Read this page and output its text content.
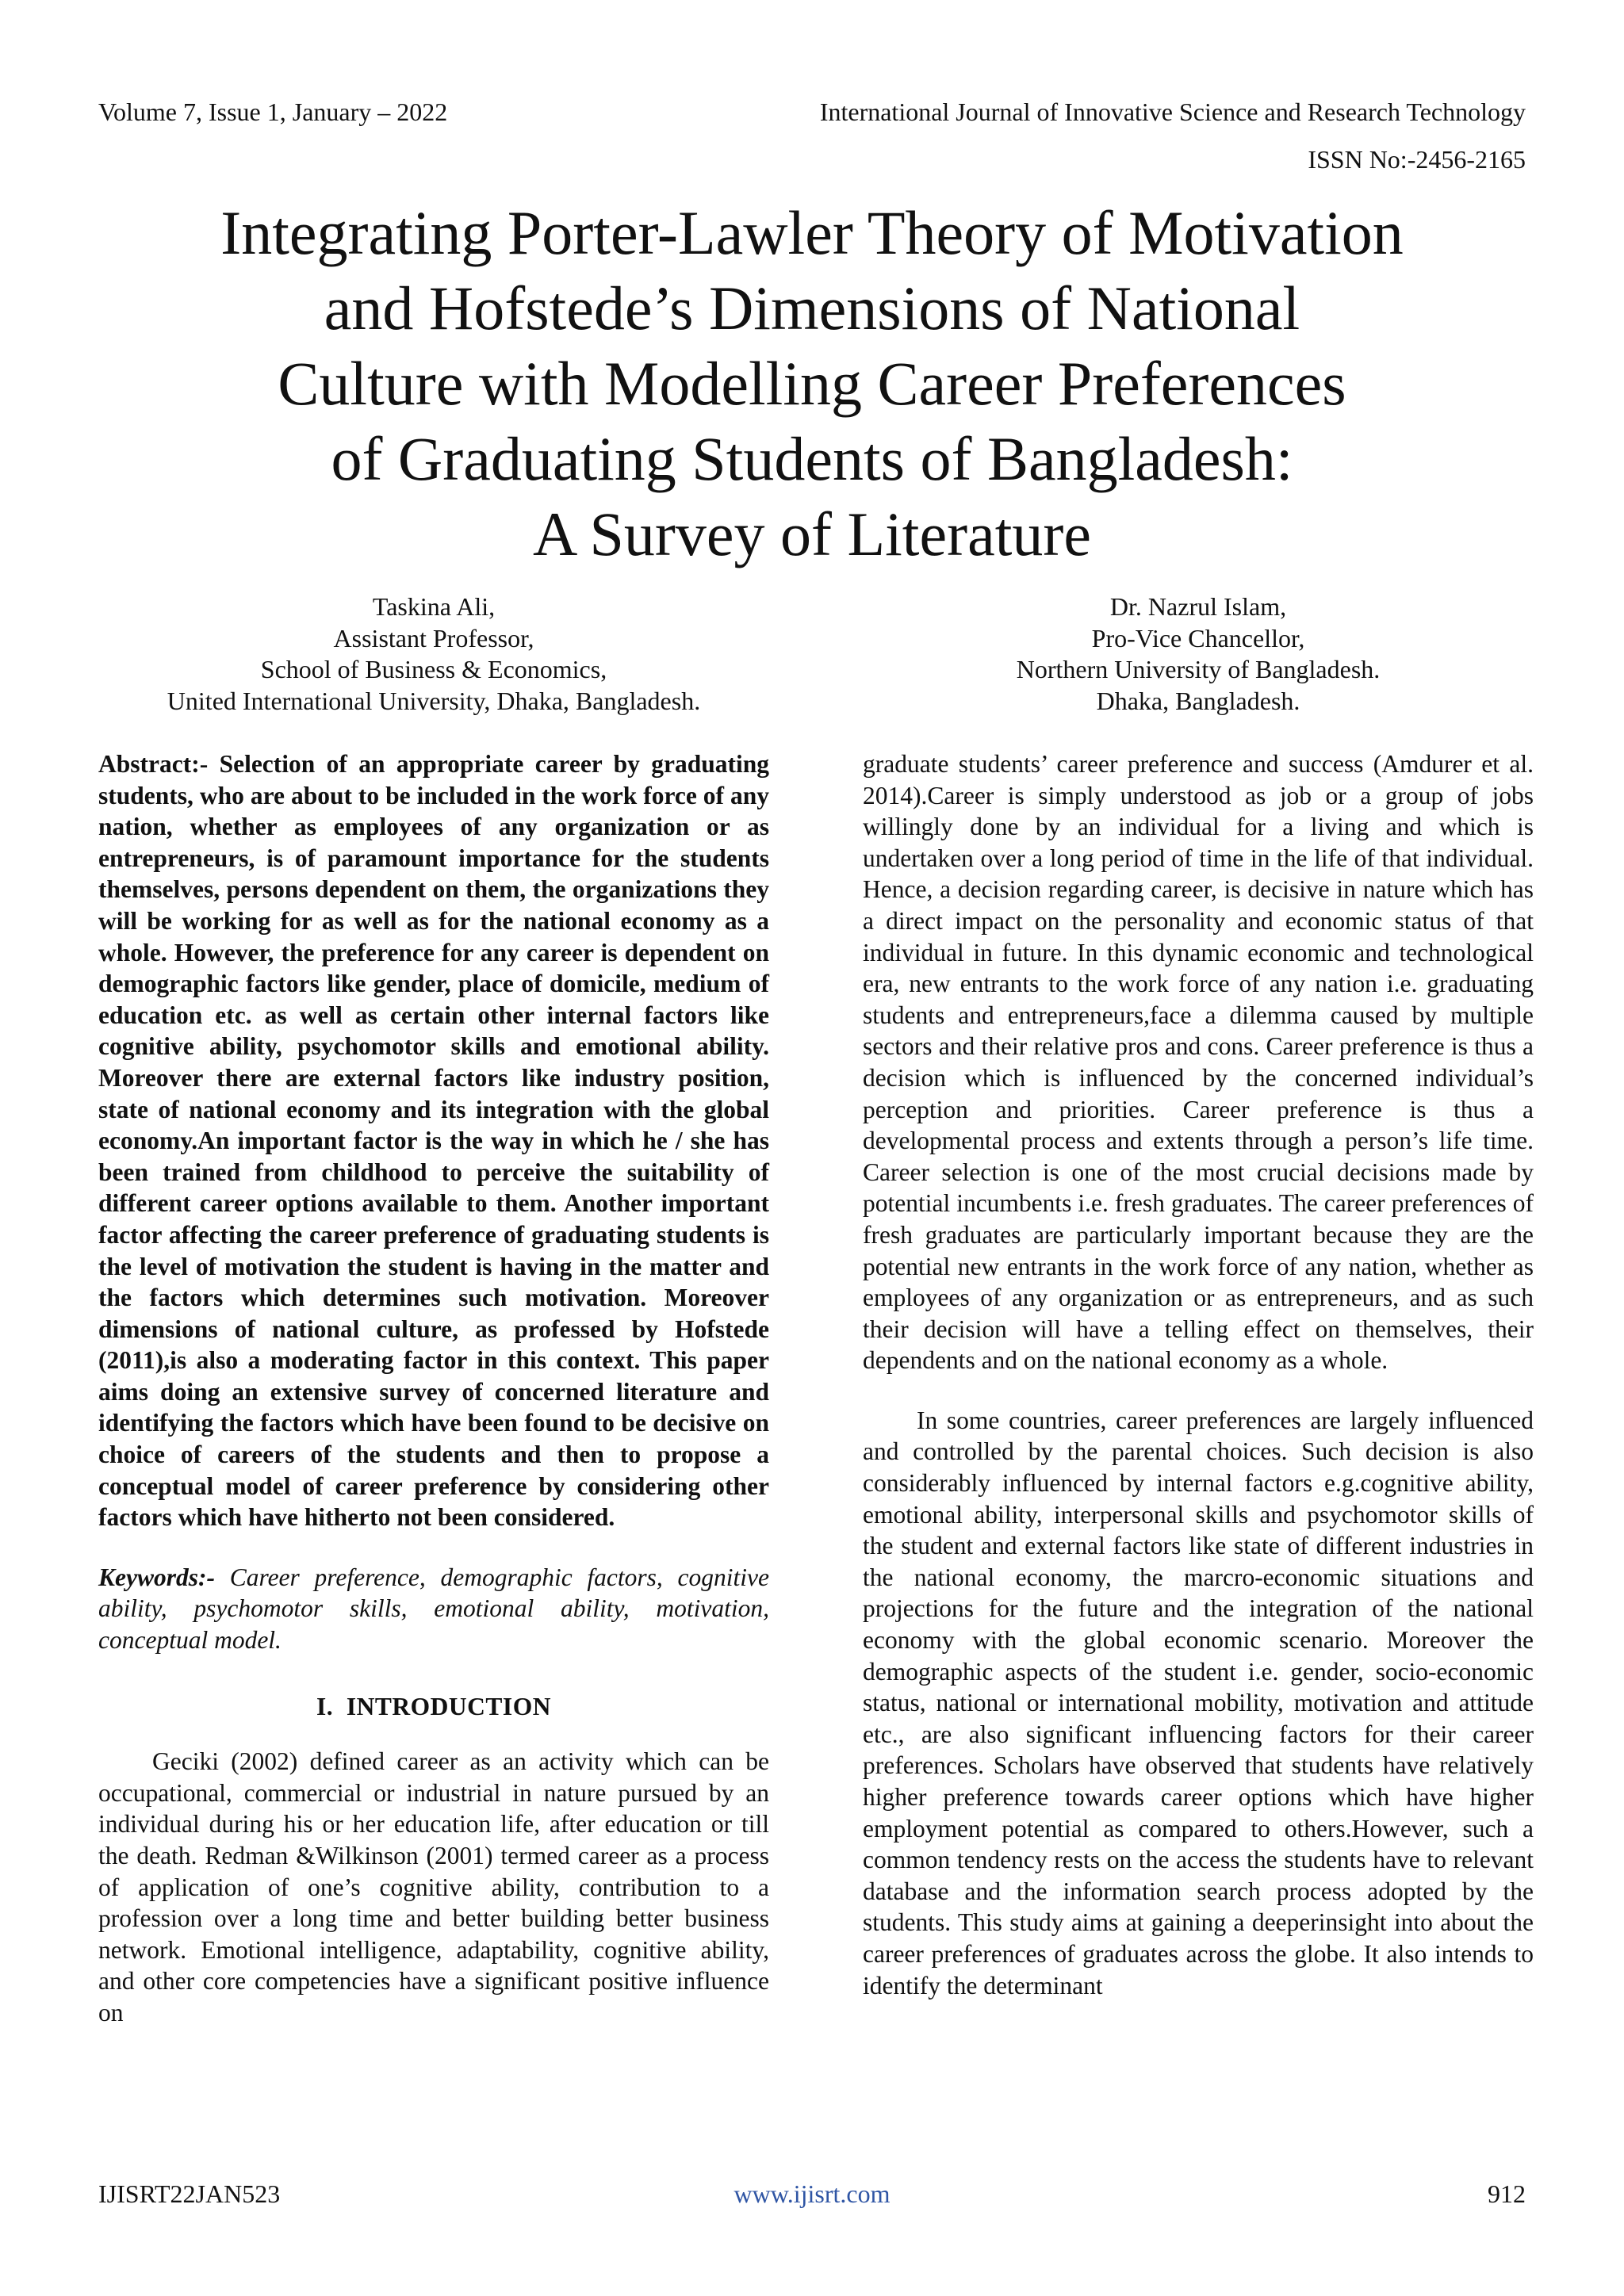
Volume 7, Issue 1, January – 2022	International Journal of Innovative Science and Research Technology
ISSN No:-2456-2165
Integrating Porter-Lawler Theory of Motivation
and Hofstede’s Dimensions of National
Culture with Modelling Career Preferences
of Graduating Students of Bangladesh:
A Survey of Literature
Taskina Ali,
Assistant Professor,
School of Business & Economics,
United International University, Dhaka, Bangladesh.
Dr. Nazrul Islam,
Pro-Vice Chancellor,
Northern University of Bangladesh.
Dhaka, Bangladesh.

Abstract:- Selection of an appropriate career by graduating students, who are about to be included in the work force of any nation, whether as employees of any organization or as entrepreneurs, is of paramount importance for the students themselves, persons dependent on them, the organizations they will be working for as well as for the national economy as a whole. However, the preference for any career is dependent on demographic factors like gender, place of domicile, medium of education etc. as well as certain other internal factors like cognitive ability, psychomotor skills and emotional ability. Moreover there are external factors like industry position, state of national economy and its integration with the global economy.An important factor is the way in which he / she has been trained from childhood to perceive the suitability of different career options available to them. Another important factor affecting the career preference of graduating students is the level of motivation the student is having in the matter and the factors which determines such motivation. Moreover dimensions of national culture, as professed by Hofstede (2011),is also a moderating factor in this context. This paper aims doing an extensive survey of concerned literature and identifying the factors which have been found to be decisive on choice of careers of the students and then to propose a conceptual model of career preference by considering other factors which have hitherto not been considered.

Keywords:- Career preference, demographic factors, cognitive ability, psychomotor skills, emotional ability, motivation, conceptual model.

I.  INTRODUCTION

Geciki (2002) defined career as an activity which can be occupational, commercial or industrial in nature pursued by an individual during his or her education life, after education or till the death. Redman &Wilkinson (2001) termed career as a process of application of one’s cognitive ability, contribution to a profession over a long time and better building better business network. Emotional intelligence, adaptability, cognitive ability, and other core competencies have a significant positive influence on

graduate students’ career preference and success (Amdurer et al. 2014).Career is simply understood as job or a group of jobs willingly done by an individual for a living and which is undertaken over a long period of time in the life of that individual. Hence, a decision regarding career, is decisive in nature which has a direct impact on the personality and economic status of that individual in future. In this dynamic economic and technological era, new entrants to the work force of any nation i.e. graduating students and entrepreneurs,face a dilemma caused by multiple sectors and their relative pros and cons. Career preference is thus a decision which is influenced by the concerned individual’s perception and priorities. Career preference is thus a developmental process and extents through a person’s life time. Career selection is one of the most crucial decisions made by potential incumbents i.e. fresh graduates. The career preferences of fresh graduates are particularly important because they are the potential new entrants in the work force of any nation, whether as employees of any organization or as entrepreneurs, and as such their decision will have a telling effect on themselves, their dependents and on the national economy as a whole.

In some countries, career preferences are largely influenced and controlled by the parental choices. Such decision is also considerably influenced by internal factors e.g.cognitive ability, emotional ability, interpersonal skills and psychomotor skills of the student and external factors like state of different industries in the national economy, the marcro-economic situations and projections for the future and the integration of the national economy with the global economic scenario. Moreover the demographic aspects of the student i.e. gender, socio-economic status, national or international mobility, motivation and attitude etc., are also significant influencing factors for their career preferences. Scholars have observed that students have relatively higher preference towards career options which have higher employment potential as compared to others.However, such a common tendency rests on the access the students have to relevant database and the information search process adopted by the students. This study aims at gaining a deeperinsight into about the career preferences of graduates across the globe. It also intends to identify the determinant

IJISRT22JAN523	www.ijisrt.com	912
